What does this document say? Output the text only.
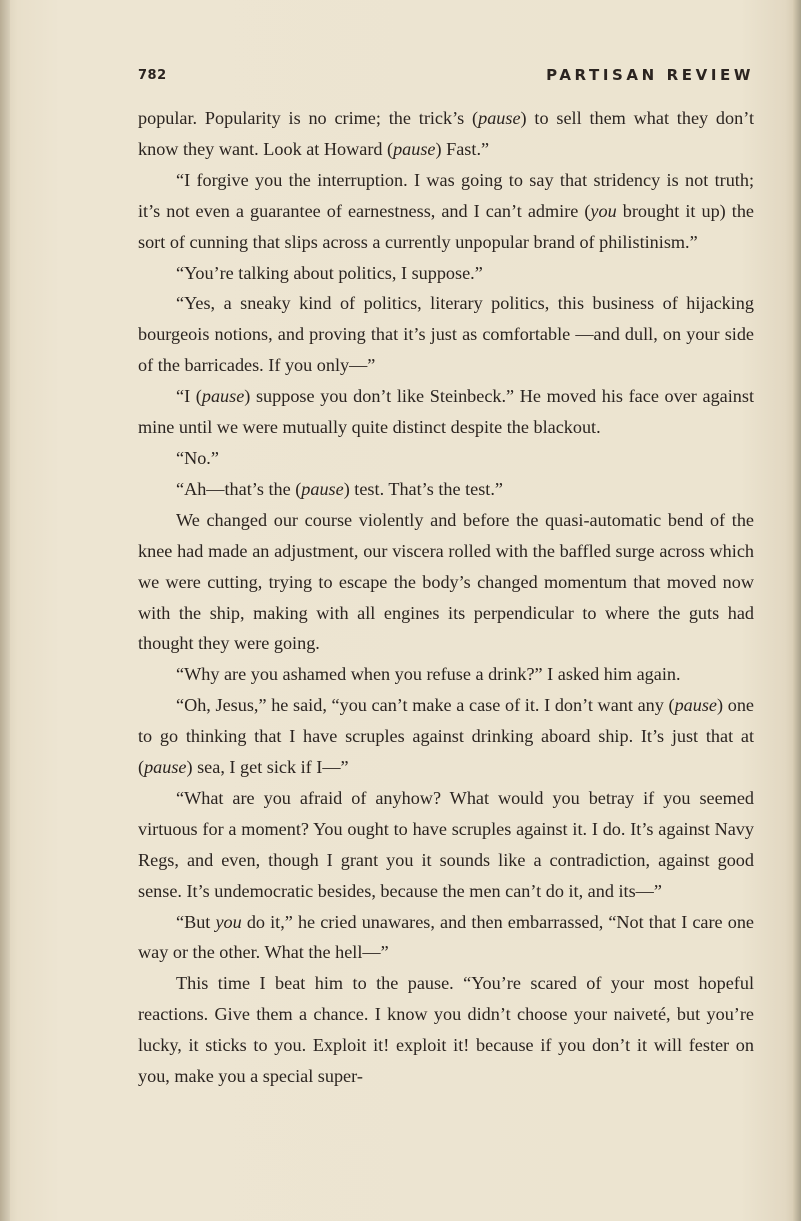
782	PARTISAN REVIEW

popular. Popularity is no crime; the trick’s (pause) to sell them what they don’t know they want. Look at Howard (pause) Fast.”

“I forgive you the interruption. I was going to say that stridency is not truth; it’s not even a guarantee of earnestness, and I can’t admire (you brought it up) the sort of cunning that slips across a currently unpopular brand of philistinism.”

“You’re talking about politics, I suppose.”

“Yes, a sneaky kind of politics, literary politics, this business of hijacking bourgeois notions, and proving that it’s just as comfortable —and dull, on your side of the barricades. If you only—”

“I (pause) suppose you don’t like Steinbeck.” He moved his face over against mine until we were mutually quite distinct despite the blackout.

“No.”

“Ah—that’s the (pause) test. That’s the test.”

We changed our course violently and before the quasi-automatic bend of the knee had made an adjustment, our viscera rolled with the baffled surge across which we were cutting, trying to escape the body’s changed momentum that moved now with the ship, making with all engines its perpendicular to where the guts had thought they were going.

“Why are you ashamed when you refuse a drink?” I asked him again.

“Oh, Jesus,” he said, “you can’t make a case of it. I don’t want any (pause) one to go thinking that I have scruples against drinking aboard ship. It’s just that at (pause) sea, I get sick if I—”

“What are you afraid of anyhow? What would you betray if you seemed virtuous for a moment? You ought to have scruples against it. I do. It’s against Navy Regs, and even, though I grant you it sounds like a contradiction, against good sense. It’s undemocratic besides, because the men can’t do it, and its—”

“But you do it,” he cried unawares, and then embarrassed, “Not that I care one way or the other. What the hell—”

This time I beat him to the pause. “You’re scared of your most hopeful reactions. Give them a chance. I know you didn’t choose your naiveté, but you’re lucky, it sticks to you. Exploit it! exploit it! because if you don’t it will fester on you, make you a special super-
